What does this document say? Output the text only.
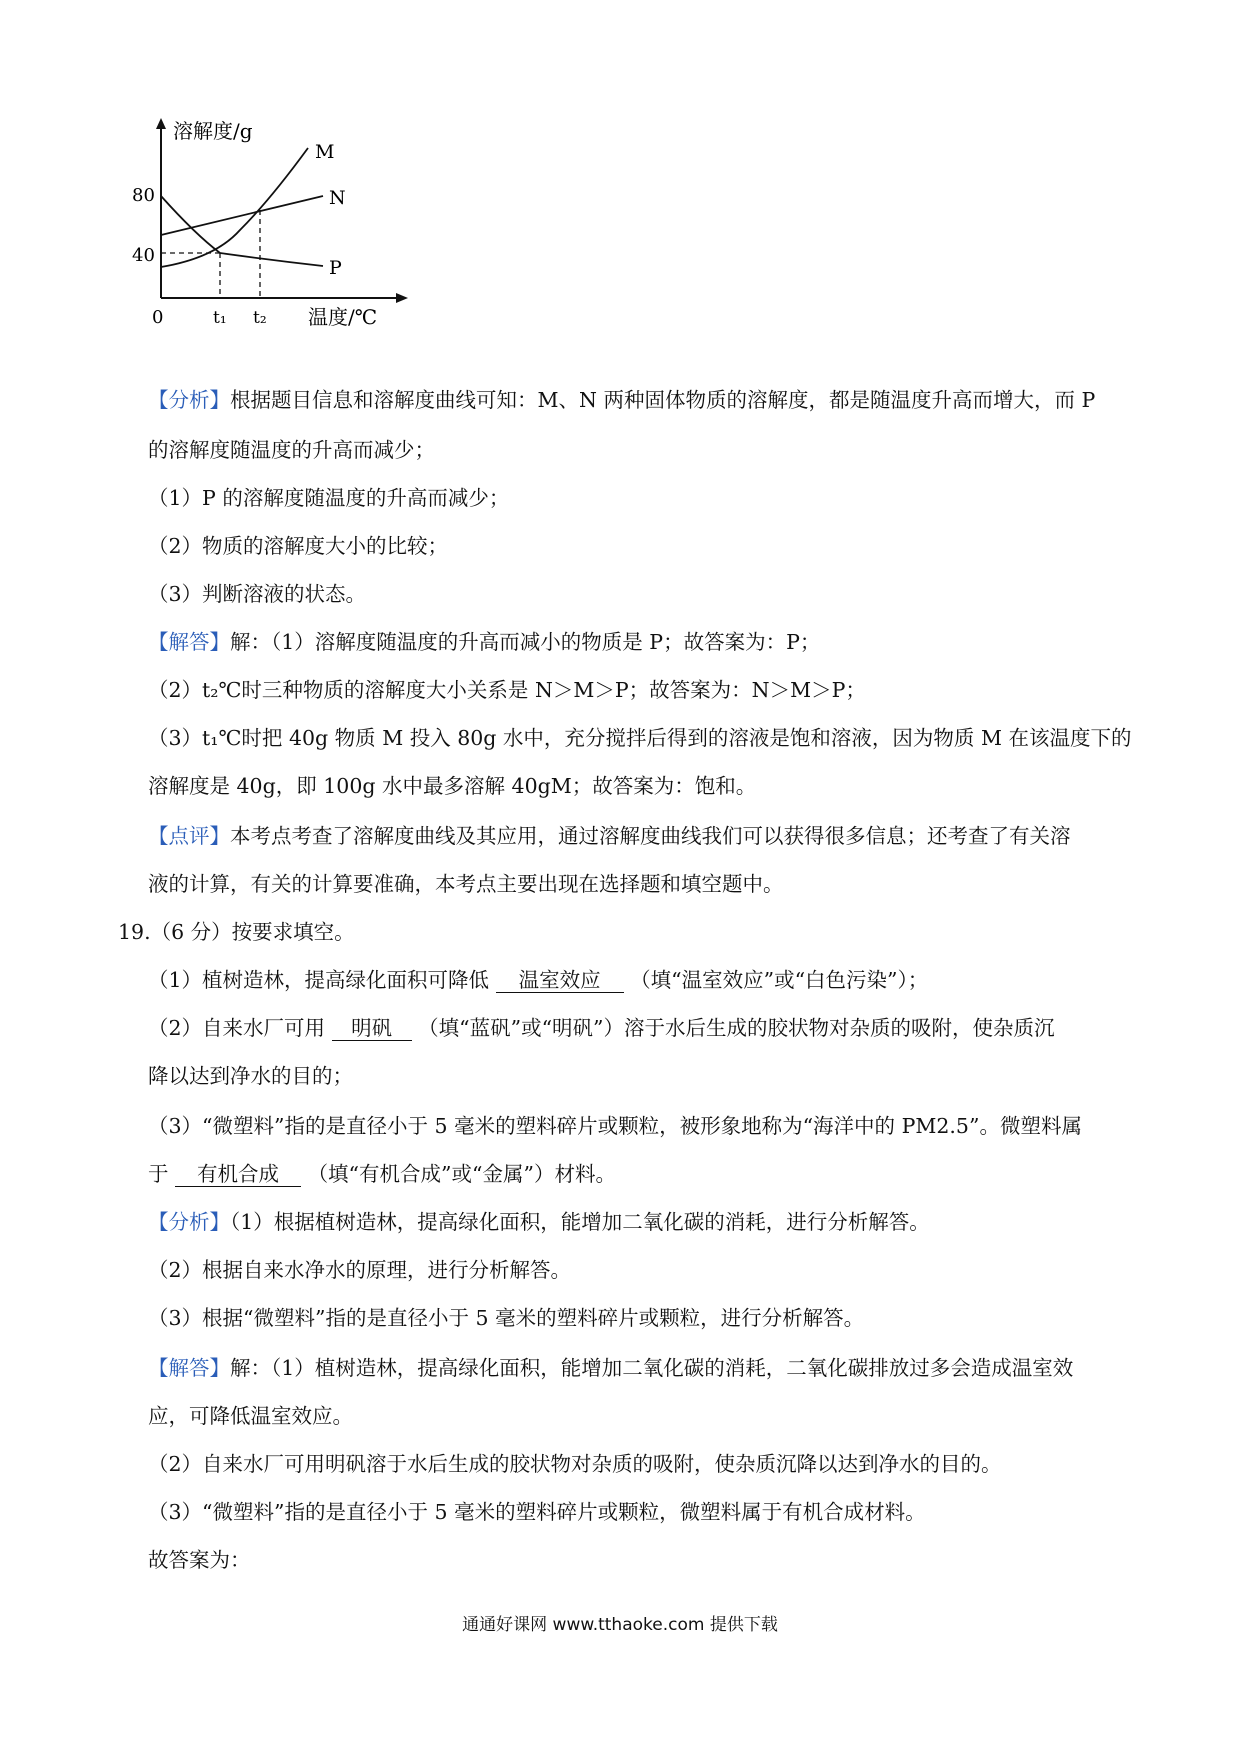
溶解度/g
温度/℃
0
80
40
t₁ t₂
M
N
P
【分析】根据题目信息和溶解度曲线可知：M、N 两种固体物质的溶解度，都是随温度升高而增大，而 P
的溶解度随温度的升高而减少；
（1）P 的溶解度随温度的升高而减少；
（2）物质的溶解度大小的比较；
（3）判断溶液的状态。
【解答】解：（1）溶解度随温度的升高而减小的物质是 P；故答案为：P；
（2）t₂℃时三种物质的溶解度大小关系是 N＞M＞P；故答案为：N＞M＞P；
（3）t₁℃时把 40g 物质 M 投入 80g 水中，充分搅拌后得到的溶液是饱和溶液，因为物质 M 在该温度下的
溶解度是 40g，即 100g 水中最多溶解 40gM；故答案为：饱和。
【点评】本考点考查了溶解度曲线及其应用，通过溶解度曲线我们可以获得很多信息；还考查了有关溶
液的计算，有关的计算要准确，本考点主要出现在选择题和填空题中。
19.（6 分）按要求填空。
（1）植树造林，提高绿化面积可降低 温室效应 （填“温室效应”或“白色污染”）；
（2）自来水厂可用 明矾 （填“蓝矾”或“明矾”）溶于水后生成的胶状物对杂质的吸附，使杂质沉
降以达到净水的目的；
（3）“微塑料”指的是直径小于 5 毫米的塑料碎片或颗粒，被形象地称为“海洋中的 PM2.5”。微塑料属
于 有机合成 （填“有机合成”或“金属”）材料。
【分析】（1）根据植树造林，提高绿化面积，能增加二氧化碳的消耗，进行分析解答。
（2）根据自来水净水的原理，进行分析解答。
（3）根据“微塑料”指的是直径小于 5 毫米的塑料碎片或颗粒，进行分析解答。
【解答】解：（1）植树造林，提高绿化面积，能增加二氧化碳的消耗，二氧化碳排放过多会造成温室效
应，可降低温室效应。
（2）自来水厂可用明矾溶于水后生成的胶状物对杂质的吸附，使杂质沉降以达到净水的目的。
（3）“微塑料”指的是直径小于 5 毫米的塑料碎片或颗粒，微塑料属于有机合成材料。
故答案为：
通通好课网 www.tthaoke.com 提供下载
